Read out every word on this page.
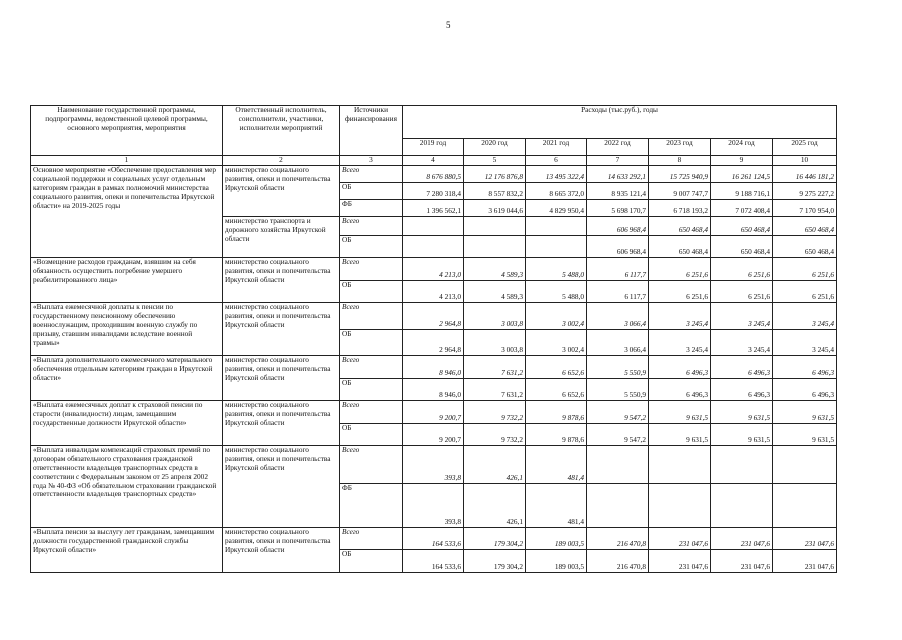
5
Наименование государственной программы, подпрограммы, ведомственной целевой программы, основного мероприятия, мероприятия	Ответственный исполнитель, соисполнители, участники, исполнители мероприятий	Источники финансирования	Расходы (тыс.руб.), годы						
			2019 год	2020 год	2021 год	2022 год	2023 год	2024 год	2025 год
1	2	3	4	5	6	7	8	9	10
Основное мероприятие «Обеспечение предоставления мер социальной поддержки и социальных услуг отдельным категориям граждан в рамках полномочий министерства социального развития, опеки и попечительства Иркутской области» на 2019-2025 годы	министерство социального развития, опеки и попечительства Иркутской области	Всего	8 676 880,5	12 176 876,8	13 495 322,4	14 633 292,1	15 725 940,9	16 261 124,5	16 446 181,2
		ОБ	7 280 318,4	8 557 832,2	8 665 372,0	8 935 121,4	9 007 747,7	9 188 716,1	9 275 227,2
		ФБ	1 396 562,1	3 619 044,6	4 829 950,4	5 698 170,7	6 718 193,2	7 072 408,4	7 170 954,0
	министерство транспорта и дорожного хозяйства Иркутской области	Всего				606 968,4	650 468,4	650 468,4	650 468,4
		ОБ				606 968,4	650 468,4	650 468,4	650 468,4
«Возмещение расходов гражданам, взявшим на себя обязанность осуществить погребение умершего реабилитированного лица»	министерство социального развития, опеки и попечительства Иркутской области	Всего	4 213,0	4 589,3	5 488,0	6 117,7	6 251,6	6 251,6	6 251,6
		ОБ	4 213,0	4 589,3	5 488,0	6 117,7	6 251,6	6 251,6	6 251,6
«Выплата ежемесячной доплаты к пенсии по государственному пенсионному обеспечению военнослужащим, проходившим военную службу по призыву, ставшим инвалидами вследствие военной травмы»	министерство социального развития, опеки и попечительства Иркутской области	Всего	2 964,8	3 003,8	3 002,4	3 066,4	3 245,4	3 245,4	3 245,4
		ОБ	2 964,8	3 003,8	3 002,4	3 066,4	3 245,4	3 245,4	3 245,4
«Выплата дополнительного ежемесячного материального обеспечения отдельным категориям граждан в Иркутской области»	министерство социального развития, опеки и попечительства Иркутской области	Всего	8 946,0	7 631,2	6 652,6	5 550,9	6 496,3	6 496,3	6 496,3
		ОБ	8 946,0	7 631,2	6 652,6	5 550,9	6 496,3	6 496,3	6 496,3
«Выплата ежемесячных доплат к страховой пенсии по старости (инвалидности) лицам, замещавшим государственные должности Иркутской области»	министерство социального развития, опеки и попечительства Иркутской области	Всего	9 200,7	9 732,2	9 878,6	9 547,2	9 631,5	9 631,5	9 631,5
		ОБ	9 200,7	9 732,2	9 878,6	9 547,2	9 631,5	9 631,5	9 631,5
«Выплата инвалидам компенсаций страховых премий по договорам обязательного страхования гражданской ответственности владельцев транспортных средств в соответствии с Федеральным законом от 25 апреля 2002 года № 40-ФЗ «Об обязательном страховании гражданской ответственности владельцев транспортных средств»	министерство социального развития, опеки и попечительства Иркутской области	Всего	393,8	426,1	481,4				
		ФБ	393,8	426,1	481,4				
«Выплата пенсии за выслугу лет гражданам, замещавшим должности государственной гражданской службы Иркутской области»	министерство социального развития, опеки и попечительства Иркутской области	Всего	164 533,6	179 304,2	189 003,5	216 470,8	231 047,6	231 047,6	231 047,6
		ОБ	164 533,6	179 304,2	189 003,5	216 470,8	231 047,6	231 047,6	231 047,6
